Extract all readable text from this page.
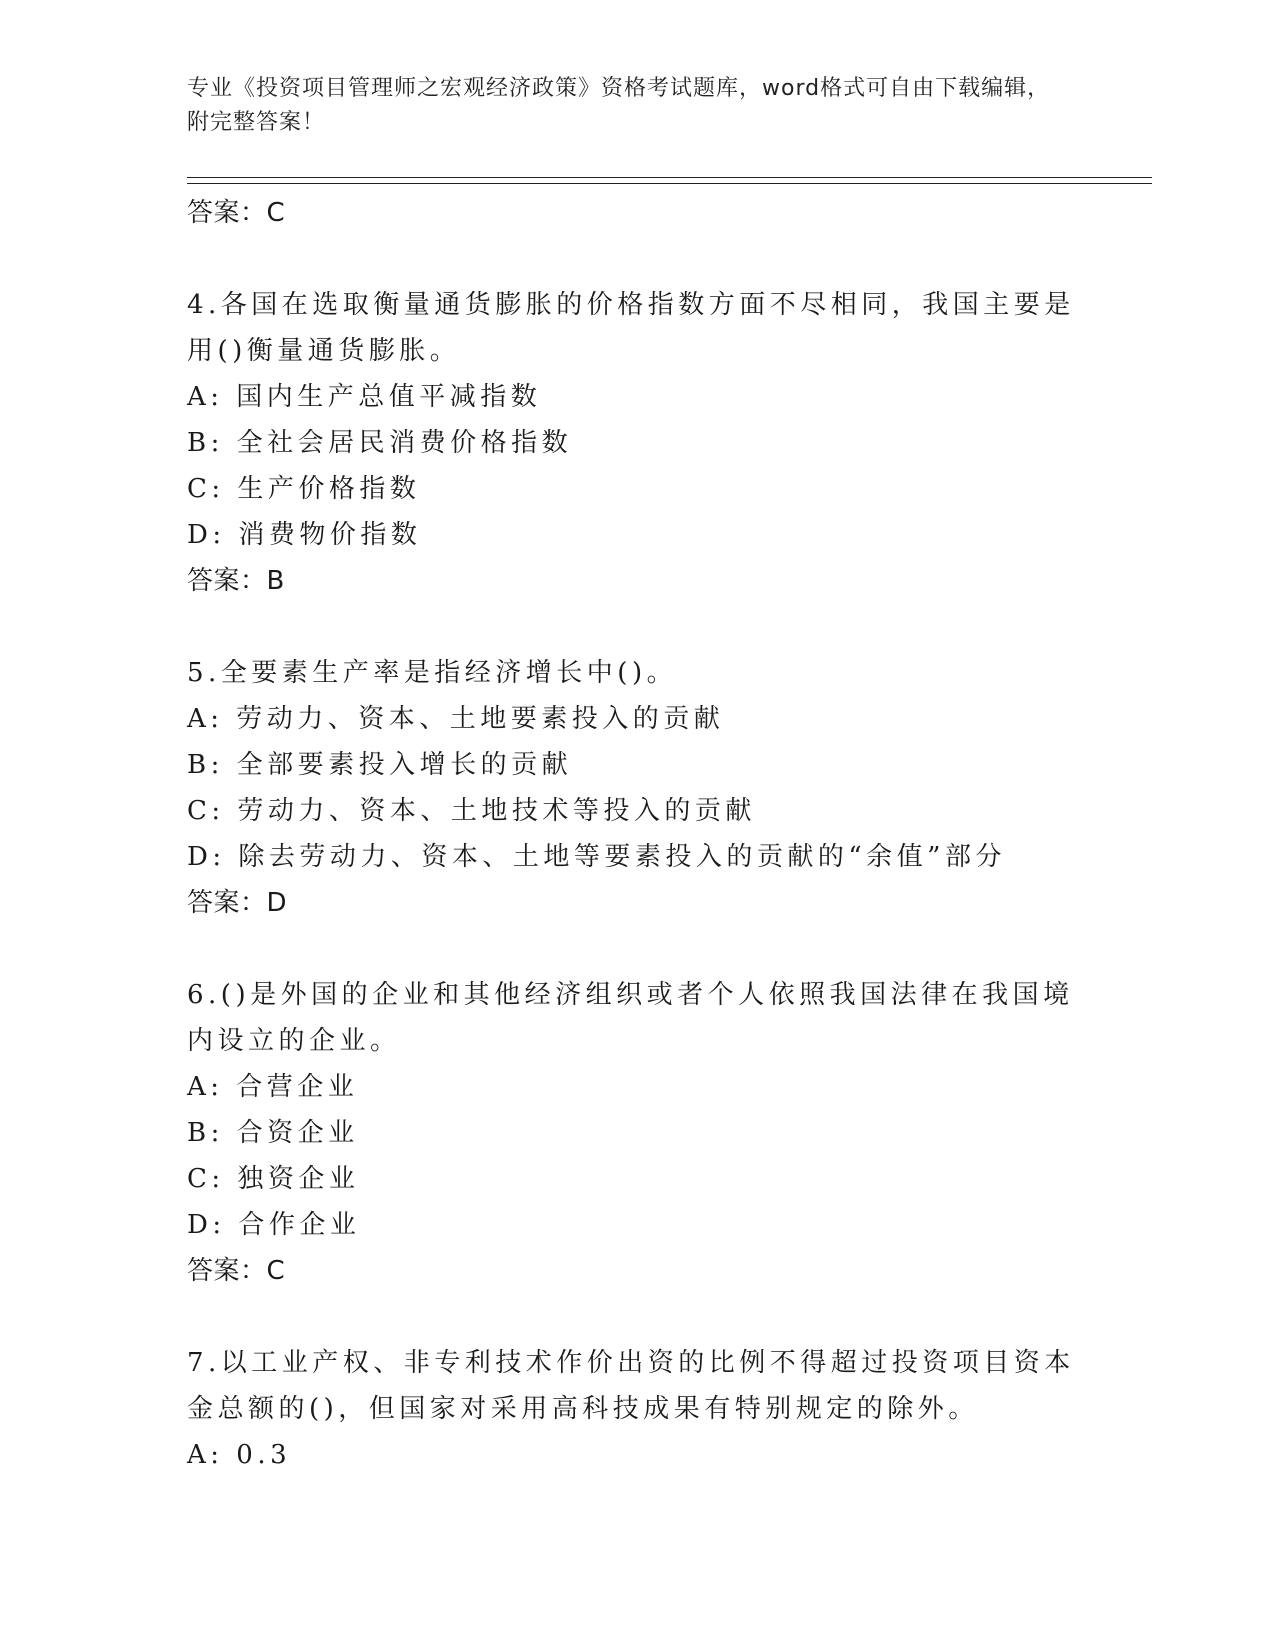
专业《投资项目管理师之宏观经济政策》资格考试题库，word格式可自由下载编辑，附完整答案！

答案：C

4.各国在选取衡量通货膨胀的价格指数方面不尽相同，我国主要是用()衡量通货膨胀。

A: 国内生产总值平减指数

B: 全社会居民消费价格指数

C: 生产价格指数

D: 消费物价指数

答案：B

5.全要素生产率是指经济增长中()。

A: 劳动力、资本、土地要素投入的贡献

B: 全部要素投入增长的贡献

C: 劳动力、资本、土地技术等投入的贡献

D: 除去劳动力、资本、土地等要素投入的贡献的“余值”部分

答案：D

6.()是外国的企业和其他经济组织或者个人依照我国法律在我国境内设立的企业。

A: 合营企业

B: 合资企业

C: 独资企业

D: 合作企业

答案：C

7.以工业产权、非专利技术作价出资的比例不得超过投资项目资本金总额的()，但国家对采用高科技成果有特别规定的除外。

A: 0.3
